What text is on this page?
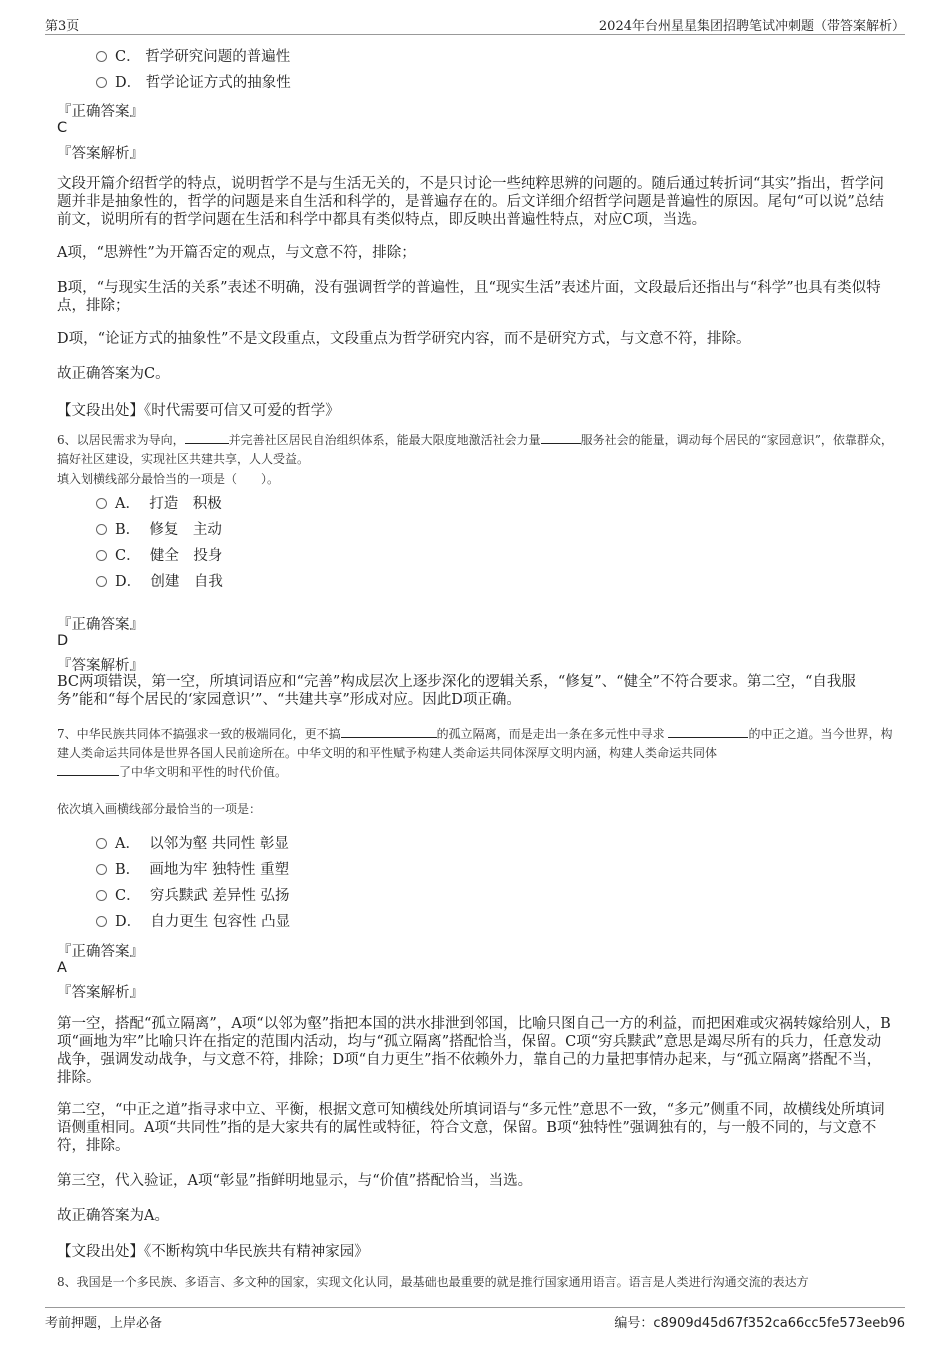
第3页	2024年台州星星集团招聘笔试冲刺题（带答案解析）
C． 哲学研究问题的普遍性
D． 哲学论证方式的抽象性
『正确答案』
C
『答案解析』
文段开篇介绍哲学的特点，说明哲学不是与生活无关的，不是只讨论一些纯粹思辨的问题的。随后通过转折词“其实”指出，哲学问题并非是抽象性的，哲学的问题是来自生活和科学的，是普遍存在的。后文详细介绍哲学问题是普遍性的原因。尾句“可以说”总结前文，说明所有的哲学问题在生活和科学中都具有类似特点，即反映出普遍性特点，对应C项，当选。
A项，“思辨性”为开篇否定的观点，与文意不符，排除；
B项，“与现实生活的关系”表述不明确，没有强调哲学的普遍性，且“现实生活”表述片面，文段最后还指出与“科学”也具有类似特点，排除；
D项，“论证方式的抽象性”不是文段重点，文段重点为哲学研究内容，而不是研究方式，与文意不符，排除。
故正确答案为C。
【文段出处】《时代需要可信又可爱的哲学》
6、以居民需求为导向，	并完善社区居民自治组织体系，能最大限度地激活社会力量	服务社会的能量，调动每个居民的“家园意识”，依靠群众，搞好社区建设，实现社区共建共享，人人受益。
填入划横线部分最恰当的一项是（　　）。
A． 打造　积极
B． 修复　主动
C． 健全　投身
D． 创建　自我
『正确答案』
D
『答案解析』
BC两项错误，第一空，所填词语应和“完善”构成层次上逐步深化的逻辑关系，“修复”、“健全”不符合要求。第二空，“自我服务”能和“每个居民的‘家园意识’”、“共建共享”形成对应。因此D项正确。
7、中华民族共同体不搞强求一致的极端同化，更不搞	的孤立隔离，而是走出一条在多元性中寻求	的中正之道。当今世界，构建人类命运共同体是世界各国人民前途所在。中华文明的和平性赋予构建人类命运共同体深厚文明内涵，构建人类命运共同体
了中华文明和平性的时代价值。
依次填入画横线部分最恰当的一项是：
A． 以邻为壑 共同性 彰显
B． 画地为牢 独特性 重塑
C． 穷兵黩武 差异性 弘扬
D． 自力更生 包容性 凸显
『正确答案』
A
『答案解析』
第一空，搭配“孤立隔离”，A项“以邻为壑”指把本国的洪水排泄到邻国，比喻只图自己一方的利益，而把困难或灾祸转嫁给别人，B项“画地为牢”比喻只许在指定的范围内活动，均与“孤立隔离”搭配恰当，保留。C项“穷兵黩武”意思是竭尽所有的兵力，任意发动战争，强调发动战争，与文意不符，排除；D项“自力更生”指不依赖外力，靠自己的力量把事情办起来，与“孤立隔离”搭配不当，排除。
第二空，“中正之道”指寻求中立、平衡，根据文意可知横线处所填词语与“多元性”意思不一致，“多元”侧重不同，故横线处所填词语侧重相同。A项“共同性”指的是大家共有的属性或特征，符合文意，保留。B项“独特性”强调独有的，与一般不同的，与文意不符，排除。
第三空，代入验证，A项“彰显”指鲜明地显示，与“价值”搭配恰当，当选。
故正确答案为A。
【文段出处】《不断构筑中华民族共有精神家园》
8、我国是一个多民族、多语言、多文种的国家，实现文化认同，最基础也最重要的就是推行国家通用语言。语言是人类进行沟通交流的表达方
考前押题，上岸必备	编号：c8909d45d67f352ca66cc5fe573eeb96
